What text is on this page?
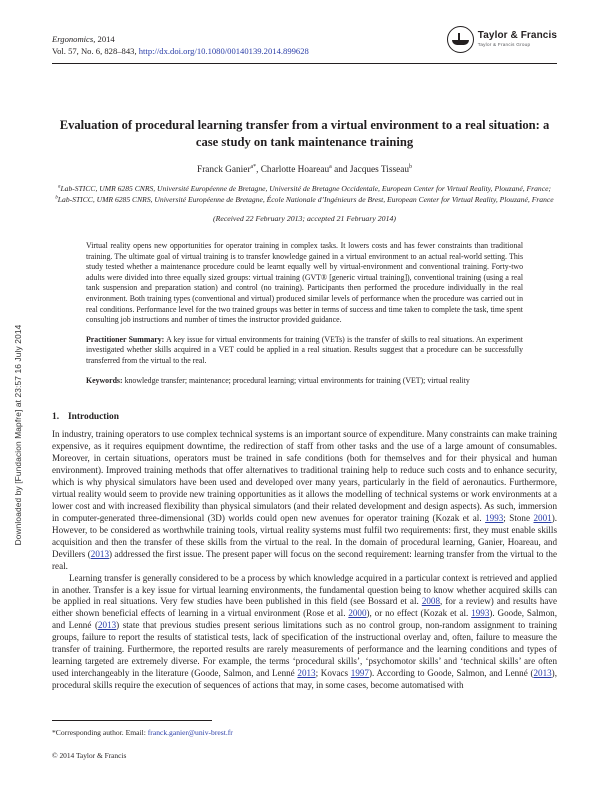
Downloaded by [Fundacion Mapfre] at 23:57 16 July 2014
Ergonomics, 2014
Vol. 57, No. 6, 828–843, http://dx.doi.org/10.1080/00140139.2014.899628
Taylor & Francis
Taylor & Francis Group
Evaluation of procedural learning transfer from a virtual environment to a real situation: a case study on tank maintenance training
Franck Ganier$^{a*}$, Charlotte Hoareau$^a$ and Jacques Tisseau$^b$
$^a$Lab-STICC, UMR 6285 CNRS, Université Européenne de Bretagne, Université de Bretagne Occidentale, European Center for Virtual Reality, Plouzané, France; $^b$Lab-STICC, UMR 6285 CNRS, Université Européenne de Bretagne, École Nationale d’Ingénieurs de Brest, European Center for Virtual Reality, Plouzané, France
(Received 22 February 2013; accepted 21 February 2014)

Virtual reality opens new opportunities for operator training in complex tasks. It lowers costs and has fewer constraints than traditional training. The ultimate goal of virtual training is to transfer knowledge gained in a virtual environment to an actual real-world setting. This study tested whether a maintenance procedure could be learnt equally well by virtual-environment and conventional training. Forty-two adults were divided into three equally sized groups: virtual training (GVT® [generic virtual training]), conventional training (using a real tank suspension and preparation station) and control (no training). Participants then performed the procedure individually in the real environment. Both training types (conventional and virtual) produced similar levels of performance when the procedure was carried out in real conditions. Performance level for the two trained groups was better in terms of success and time taken to complete the task, time spent consulting job instructions and number of times the instructor provided guidance.

Practitioner Summary: A key issue for virtual environments for training (VETs) is the transfer of skills to real situations. An experiment investigated whether skills acquired in a VET could be applied in a real situation. Results suggest that a procedure can be successfully transferred from the virtual to the real.

Keywords: knowledge transfer; maintenance; procedural learning; virtual environments for training (VET); virtual reality

1. Introduction

In industry, training operators to use complex technical systems is an important source of expenditure. Many constraints can make training expensive, as it requires equipment downtime, the redirection of staff from other tasks and the use of a large amount of consumables. Moreover, in certain situations, operators must be trained in safe conditions (both for themselves and for their physical and human environment). Improved training methods that offer alternatives to traditional training help to reduce such costs and to enhance security, which is why physical simulators have been used and developed over many years, particularly in the field of aeronautics. Furthermore, virtual reality would seem to provide new training opportunities as it allows the modelling of technical systems or work environments at a lower cost and with increased flexibility than physical simulators (and their related development and design aspects). As such, immersion in computer-generated three-dimensional (3D) worlds could open new avenues for operator training (Kozak et al. 1993; Stone 2001). However, to be considered as worthwhile training tools, virtual reality systems must fulfil two requirements: first, they must enable skills acquisition and then the transfer of these skills from the virtual to the real. In the domain of procedural learning, Ganier, Hoareau, and Devillers (2013) addressed the first issue. The present paper will focus on the second requirement: learning transfer from the virtual to the real.

Learning transfer is generally considered to be a process by which knowledge acquired in a particular context is retrieved and applied in another. Transfer is a key issue for virtual learning environments, the fundamental question being to know whether acquired skills can be applied in real situations. Very few studies have been published in this field (see Bossard et al. 2008, for a review) and results have either shown beneficial effects of learning in a virtual environment (Rose et al. 2000), or no effect (Kozak et al. 1993). Goode, Salmon, and Lenné (2013) state that previous studies present serious limitations such as no control group, non-random assignment to training groups, failure to report the results of statistical tests, lack of specification of the instructional overlay and, often, failure to measure the transfer of training. Furthermore, the reported results are rarely measurements of performance and the learning conditions and types of learning targeted are extremely diverse. For example, the terms ‘procedural skills’, ‘psychomotor skills’ and ‘technical skills’ are often used interchangeably in the literature (Goode, Salmon, and Lenné 2013; Kovacs 1997). According to Goode, Salmon, and Lenné (2013), procedural skills require the execution of sequences of actions that may, in some cases, become automatised with

*Corresponding author. Email: franck.ganier@univ-brest.fr
© 2014 Taylor & Francis
